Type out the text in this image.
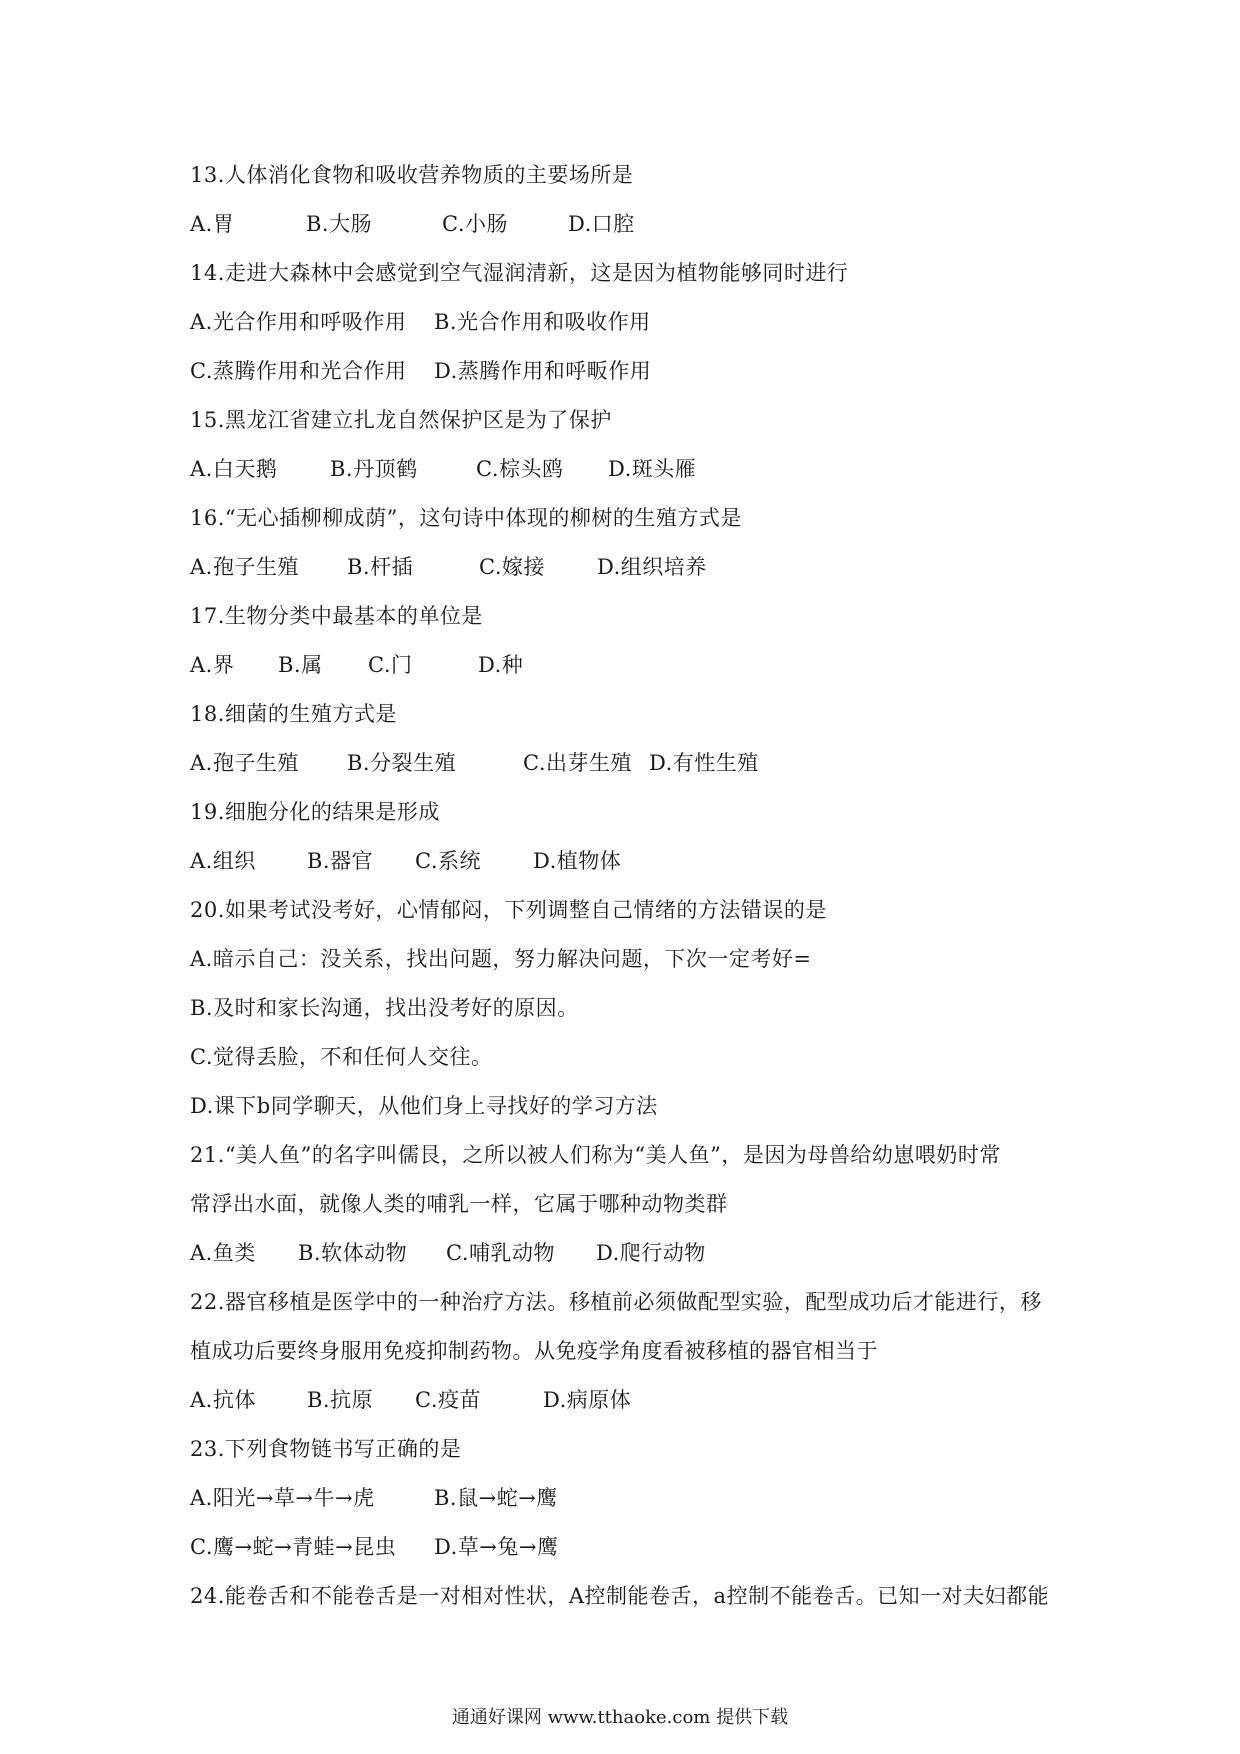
13.人体消化食物和吸收营养物质的主要场所是
A.胃	B.大肠	C.小肠	D.口腔
14.走进大森林中会感觉到空气湿润清新，这是因为植物能够同时进行
A.光合作用和呼吸作用	B.光合作用和吸收作用
C.蒸腾作用和光合作用	D.蒸腾作用和呼畈作用
15.黑龙江省建立扎龙自然保护区是为了保护
A.白天鹅	B.丹顶鹤	C.棕头鸥	D.斑头雁
16.“无心插柳柳成荫”，这句诗中体现的柳树的生殖方式是
A.孢子生殖	B.杆插	C.嫁接	D.组织培养
17.生物分类中最基本的单位是
A.界	B.属	C.门	D.种
18.细菌的生殖方式是
A.孢子生殖	B.分裂生殖	C.出芽生殖 D.有性生殖
19.细胞分化的结果是形成
A.组织	B.器官	C.系统	D.植物体
20.如果考试没考好，心情郁闷，下列调整自己情绪的方法错误的是
A.暗示自己：没关系，找出问题，努力解决问题，下次一定考好=
B.及时和家长沟通，找出没考好的原因。
C.觉得丢脸，不和任何人交往。
D.课下b同学聊天，从他们身上寻找好的学习方法
21.“美人鱼”的名字叫儒艮，之所以被人们称为“美人鱼”，是因为母兽给幼崽喂奶时常
常浮出水面，就像人类的哺乳一样，它属于哪种动物类群
A.鱼类	B.软体动物	C.哺乳动物	D.爬行动物
22.器官移植是医学中的一种治疗方法。移植前必须做配型实验，配型成功后才能进行，移
植成功后要终身服用免疫抑制药物。从免疫学角度看被移植的器官相当于
A.抗体	B.抗原	C.疫苗	D.病原体
23.下列食物链书写正确的是
A.阳光→草→牛→虎	B.鼠→蛇→鹰
C.鹰→蛇→青蛙→昆虫	D.草→兔→鹰
24.能卷舌和不能卷舌是一对相对性状，A控制能卷舌，a控制不能卷舌。已知一对夫妇都能
通通好课网 www.tthaoke.com 提供下载
